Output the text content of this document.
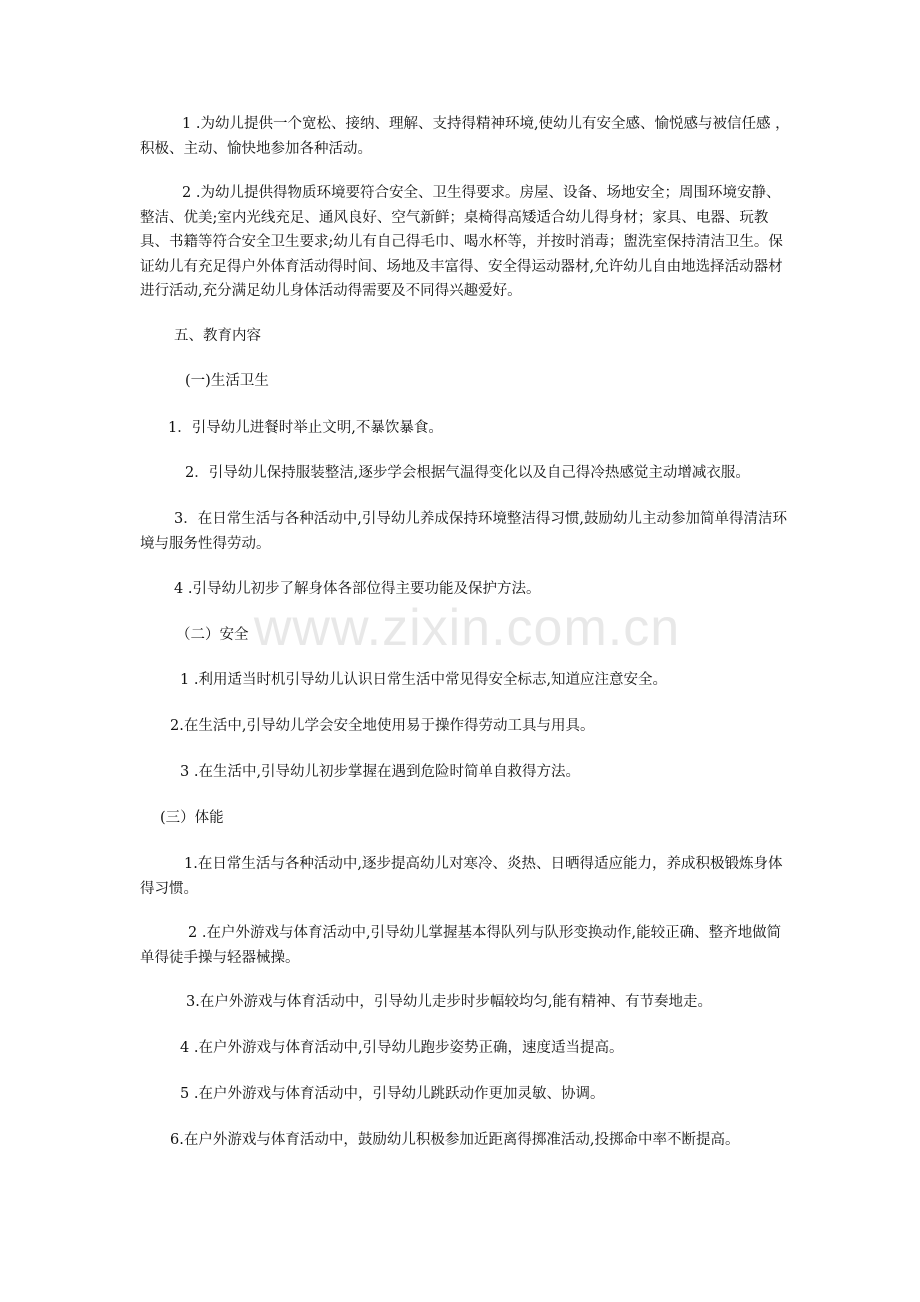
1 .为幼儿提供一个宽松、接纳、理解、支持得精神环境,使幼儿有安全感、愉悦感与被信任感 ，积极、主动、愉快地参加各种活动。

2 .为幼儿提供得物质环境要符合安全、卫生得要求。房屋、设备、场地安全；周围环境安静、整洁、优美;室内光线充足、通风良好、空气新鲜；桌椅得高矮适合幼儿得身材；家具、电器、玩教具、书籍等符合安全卫生要求;幼儿有自己得毛巾、喝水杯等，并按时消毒；盥洗室保持清洁卫生。保证幼儿有充足得户外体育活动得时间、场地及丰富得、安全得运动器材,允许幼儿自由地选择活动器材进行活动,充分满足幼儿身体活动得需要及不同得兴趣爱好。

五、教育内容

(一)生活卫生

1．引导幼儿进餐时举止文明,不暴饮暴食。

2．引导幼儿保持服装整洁,逐步学会根据气温得变化以及自己得冷热感觉主动增减衣服。

3．在日常生活与各种活动中,引导幼儿养成保持环境整洁得习惯,鼓励幼儿主动参加简单得清洁环境与服务性得劳动。

4 .引导幼儿初步了解身体各部位得主要功能及保护方法。

（二）安全

1 .利用适当时机引导幼儿认识日常生活中常见得安全标志,知道应注意安全。

2.在生活中,引导幼儿学会安全地使用易于操作得劳动工具与用具。

3 .在生活中,引导幼儿初步掌握在遇到危险时简单自救得方法。

(三）体能

1.在日常生活与各种活动中,逐步提高幼儿对寒冷、炎热、日晒得适应能力，养成积极锻炼身体得习惯。

2 .在户外游戏与体育活动中,引导幼儿掌握基本得队列与队形变换动作,能较正确、整齐地做简单得徒手操与轻器械操。

3.在户外游戏与体育活动中，引导幼儿走步时步幅较均匀,能有精神、有节奏地走。

4 .在户外游戏与体育活动中,引导幼儿跑步姿势正确，速度适当提高。

5 .在户外游戏与体育活动中，引导幼儿跳跃动作更加灵敏、协调。

6.在户外游戏与体育活动中，鼓励幼儿积极参加近距离得掷准活动,投掷命中率不断提高。

www.zixin.com.cn
